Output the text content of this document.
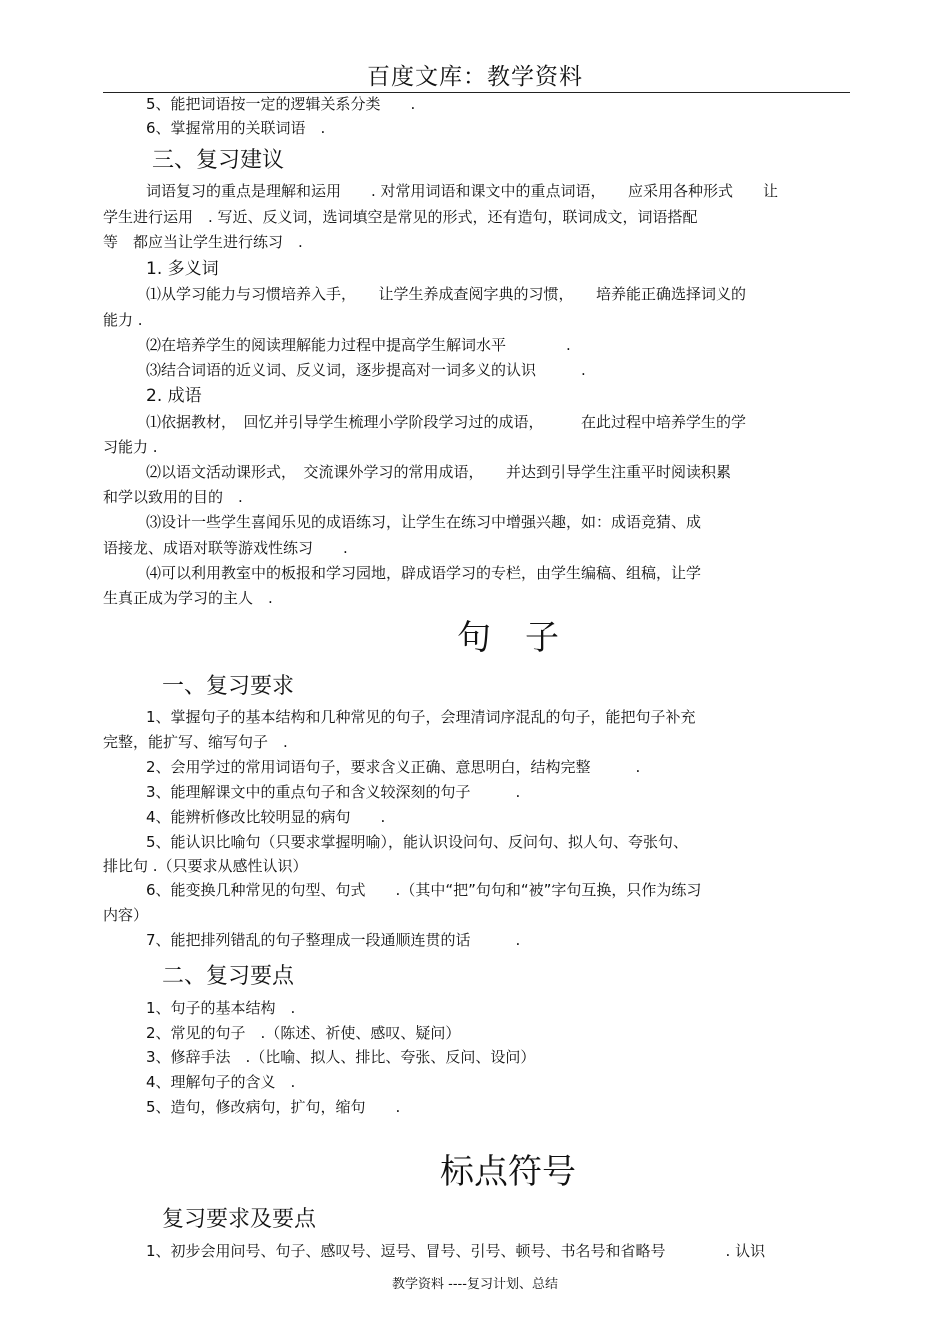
百度文库：教学资料
5、能把词语按一定的逻辑关系分类　　.
6、掌握常用的关联词语　.
三、复习建议
词语复习的重点是理解和运用　　. 对常用词语和课文中的重点词语，　　应采用各种形式　　让
学生进行运用　. 写近、反义词，选词填空是常见的形式，还有造句，联词成文，词语搭配
等　都应当让学生进行练习　.
1. 多义词
⑴从学习能力与习惯培养入手，　　让学生养成查阅字典的习惯，　　培养能正确选择词义的
能力 .
⑵在培养学生的阅读理解能力过程中提高学生解词水平　　　　.
⑶结合词语的近义词、反义词，逐步提高对一词多义的认识　　　.
2. 成语
⑴依据教材，　回忆并引导学生梳理小学阶段学习过的成语，　　　在此过程中培养学生的学
习能力 .
⑵以语文活动课形式，　交流课外学习的常用成语，　　并达到引导学生注重平时阅读积累
和学以致用的目的　.
⑶设计一些学生喜闻乐见的成语练习，让学生在练习中增强兴趣，如：成语竞猜、成
语接龙、成语对联等游戏性练习　　.
⑷可以利用教室中的板报和学习园地，辟成语学习的专栏，由学生编稿、组稿，让学
生真正成为学习的主人　.
句　子
一、复习要求
1、掌握句子的基本结构和几种常见的句子，会理清词序混乱的句子，能把句子补充
完整，能扩写、缩写句子　.
2、会用学过的常用词语句子，要求含义正确、意思明白，结构完整　　　.
3、能理解课文中的重点句子和含义较深刻的句子　　　.
4、能辨析修改比较明显的病句　　.
5、能认识比喻句（只要求掌握明喻），能认识设问句、反问句、拟人句、夸张句、
排比句 .（只要求从感性认识）
6、能变换几种常见的句型、句式　　.（其中“把”句句和“被”字句互换，只作为练习
内容）
7、能把排列错乱的句子整理成一段通顺连贯的话　　　.
二、复习要点
1、句子的基本结构　.
2、常见的句子　.（陈述、祈使、感叹、疑问）
3、修辞手法　.（比喻、拟人、排比、夸张、反问、设问）
4、理解句子的含义　.
5、造句，修改病句，扩句，缩句　　.
标点符号
复习要求及要点
1、初步会用问号、句子、感叹号、逗号、冒号、引号、顿号、书名号和省略号　　　　. 认识
教学资料 ----复习计划、总结
